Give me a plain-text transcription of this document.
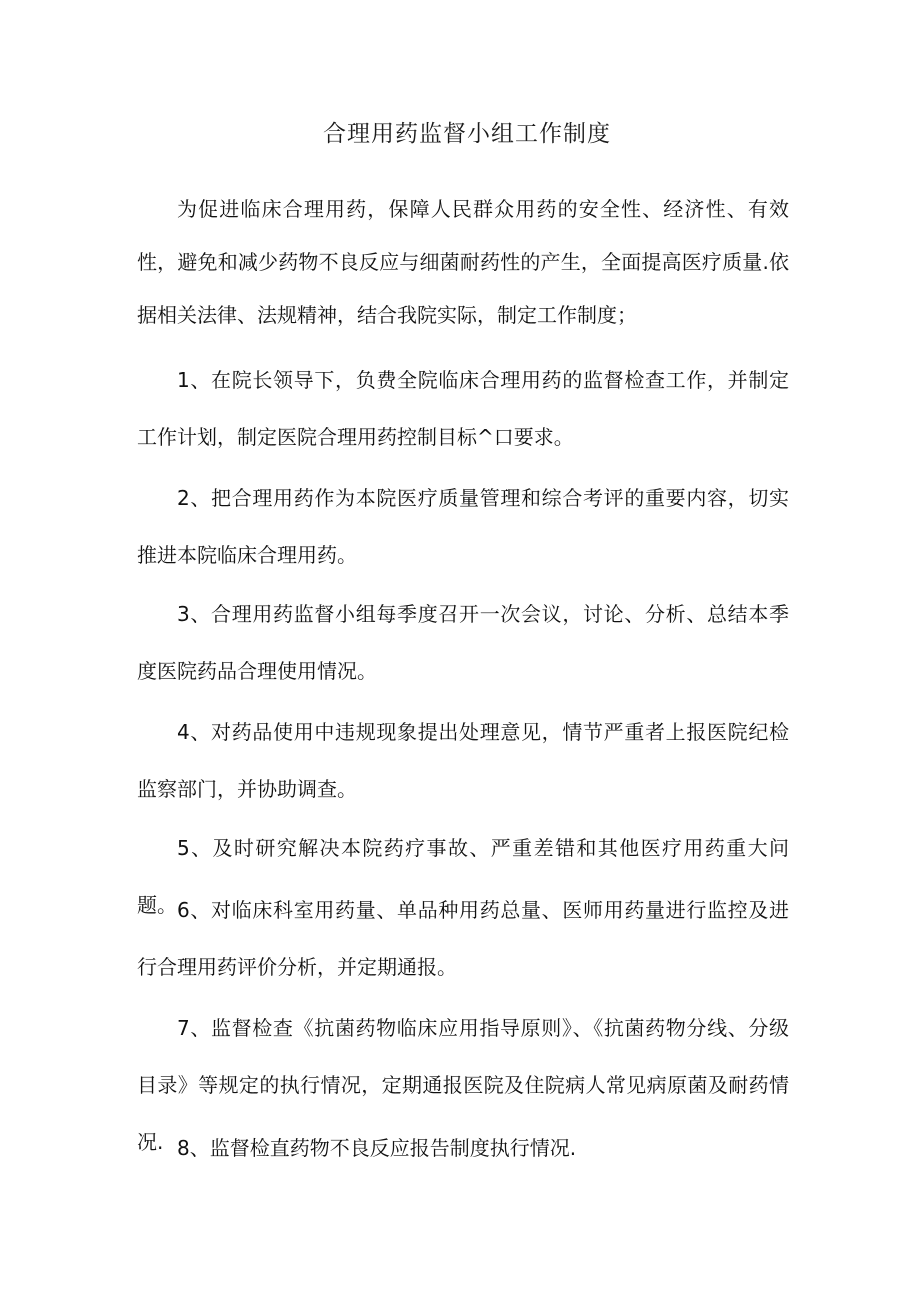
合理用药监督小组工作制度

为促进临床合理用药，保障人民群众用药的安全性、经济性、有效性，避免和减少药物不良反应与细菌耐药性的产生，全面提高医疗质量.依据相关法律、法规精神，结合我院实际，制定工作制度；

1、在院长领导下，负费全院临床合理用药的监督检查工作，并制定工作计划，制定医院合理用药控制目标^口要求。

2、把合理用药作为本院医疗质量管理和综合考评的重要内容，切实推进本院临床合理用药。

3、合理用药监督小组每季度召开一次会议，讨论、分析、总结本季度医院药品合理使用情况。

4、对药品使用中违规现象提出处理意见，情节严重者上报医院纪检监察部门，并协助调查。

5、及时研究解决本院药疗事故、严重差错和其他医疗用药重大问题。 6、对临床科室用药量、单品种用药总量、医师用药量进行监控及进行合理用药评价分析，并定期通报。

7、监督检查《抗菌药物临床应用指导原则》、《抗菌药物分线、分级目录》等规定的执行情况，定期通报医院及住院病人常见病原菌及耐药情况. 8、监督检直药物不良反应报告制度执行情况.
